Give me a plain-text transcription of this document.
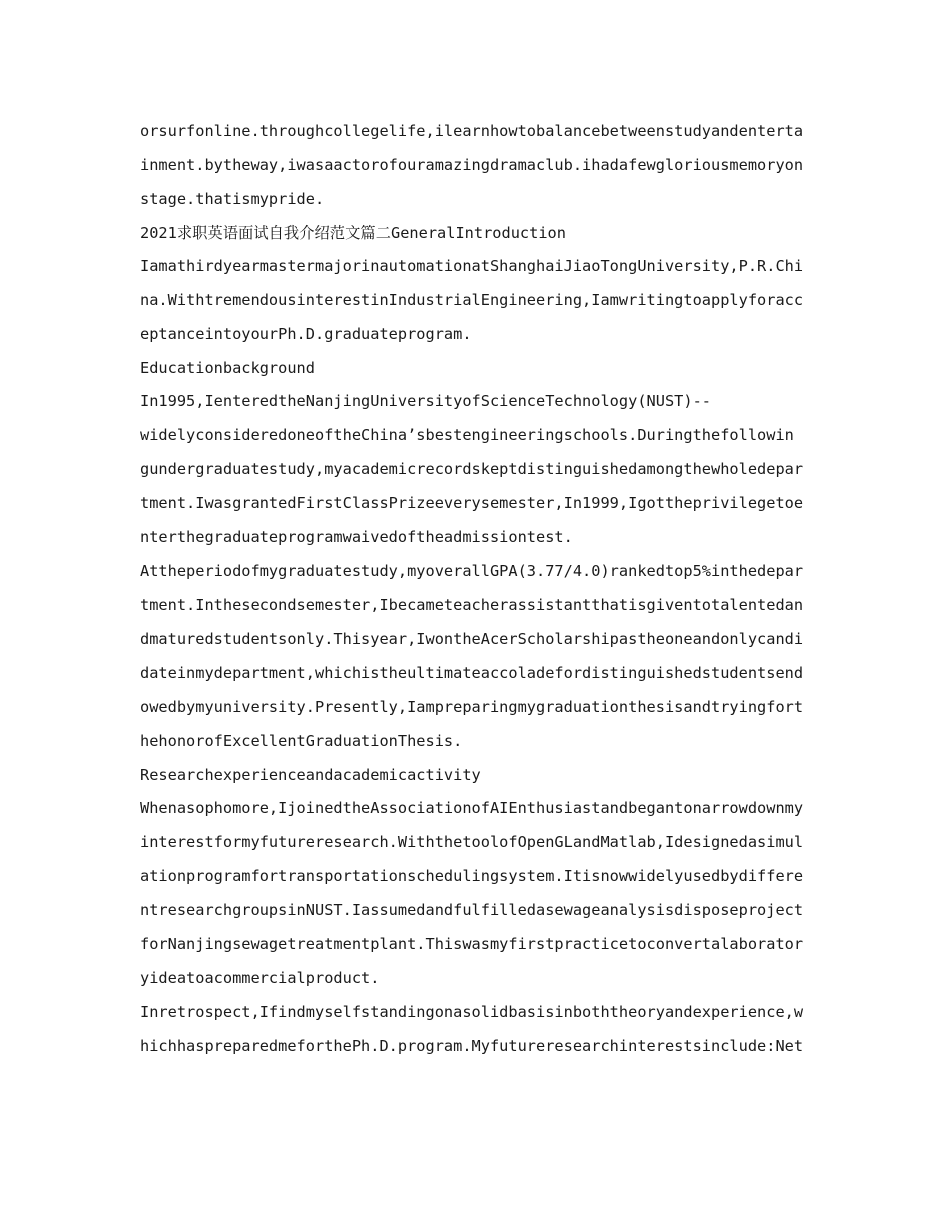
orsurfonline.throughcollegelife,ilearnhowtobalancebetweenstudyandenterta
inment.bytheway,iwasaactorofouramazingdramaclub.ihadafewgloriousmemoryon
stage.thatismypride.
2021求职英语面试自我介绍范文篇二GeneralIntroduction
IamathirdyearmastermajorinautomationatShanghaiJiaoTongUniversity,P.R.Chi
na.WithtremendousinterestinIndustrialEngineering,Iamwritingtoapplyforacc
eptanceintoyourPh.D.graduateprogram.
Educationbackground
In1995,IenteredtheNanjingUniversityofScienceTechnology(NUST)--
widelyconsideredoneoftheChina’sbestengineeringschools.Duringthefollowin
gundergraduatestudy,myacademicrecordskeptdistinguishedamongthewholedepar
tment.IwasgrantedFirstClassPrizeeverysemester,In1999,Igottheprivilegetoe
nterthegraduateprogramwaivedoftheadmissiontest.
Attheperiodofmygraduatestudy,myoverallGPA(3.77/4.0)rankedtop5%inthedepar
tment.Inthesecondsemester,Ibecameteacherassistantthatisgiventotalentedan
dmaturedstudentsonly.Thisyear,IwontheAcerScholarshipastheoneandonlycandi
dateinmydepartment,whichistheultimateaccoladefordistinguishedstudentsend
owedbymyuniversity.Presently,Iampreparingmygraduationthesisandtryingfort
hehonorofExcellentGraduationThesis.
Researchexperienceandacademicactivity
Whenasophomore,IjoinedtheAssociationofAIEnthusiastandbegantonarrowdownmy
interestformyfutureresearch.WiththetoolofOpenGLandMatlab,Idesignedasimul
ationprogramfortransportationschedulingsystem.Itisnowwidelyusedbydiffere
ntresearchgroupsinNUST.Iassumedandfulfilledasewageanalysisdisposeproject
forNanjingsewagetreatmentplant.Thiswasmyfirstpracticetoconvertalaborator
yideatoacommercialproduct.
Inretrospect,Ifindmyselfstandingonasolidbasisinboththeoryandexperience,w
hichhaspreparedmeforthePh.D.program.Myfutureresearchinterestsinclude:Net
